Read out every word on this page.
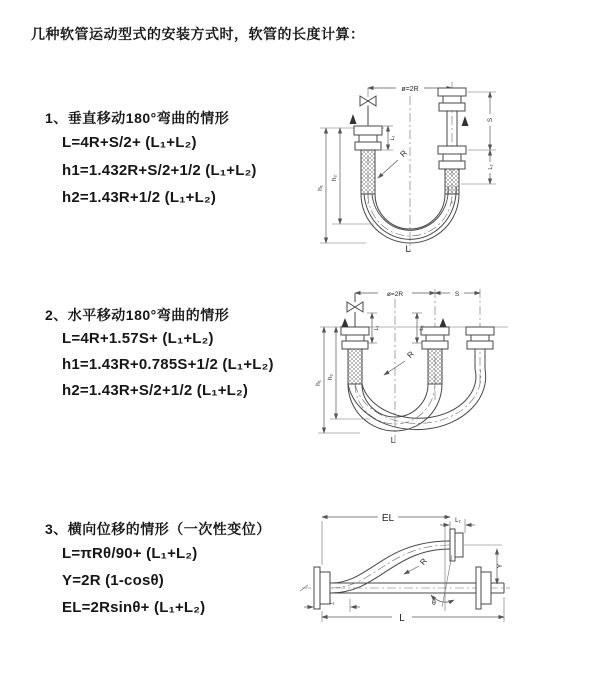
几种软管运动型式的安装方式时，软管的长度计算：
1、垂直移动180°弯曲的情形
L=4R+S/2+ (L₁+L₂)
h1=1.432R+S/2+1/2 (L₁+L₂)
h2=1.43R+1/2 (L₁+L₂)
2、水平移动180°弯曲的情形
L=4R+1.57S+ (L₁+L₂)
h1=1.43R+0.785S+1/2 (L₁+L₂)
h2=1.43R+S/2+1/2 (L₁+L₂)
3、横向位移的情形（一次性变位）
L=πRθ/90+ (L₁+L₂)
Y=2R (1-cosθ)
EL=2Rsinθ+ (L₁+L₂)
ø=2R
h₁
h₂
L₁
S
L₂
R
L
ø=2R	S
h₁
h₂
L₁	L₂
R
L
EL	L₂
θ
R	Y
L₁
L
